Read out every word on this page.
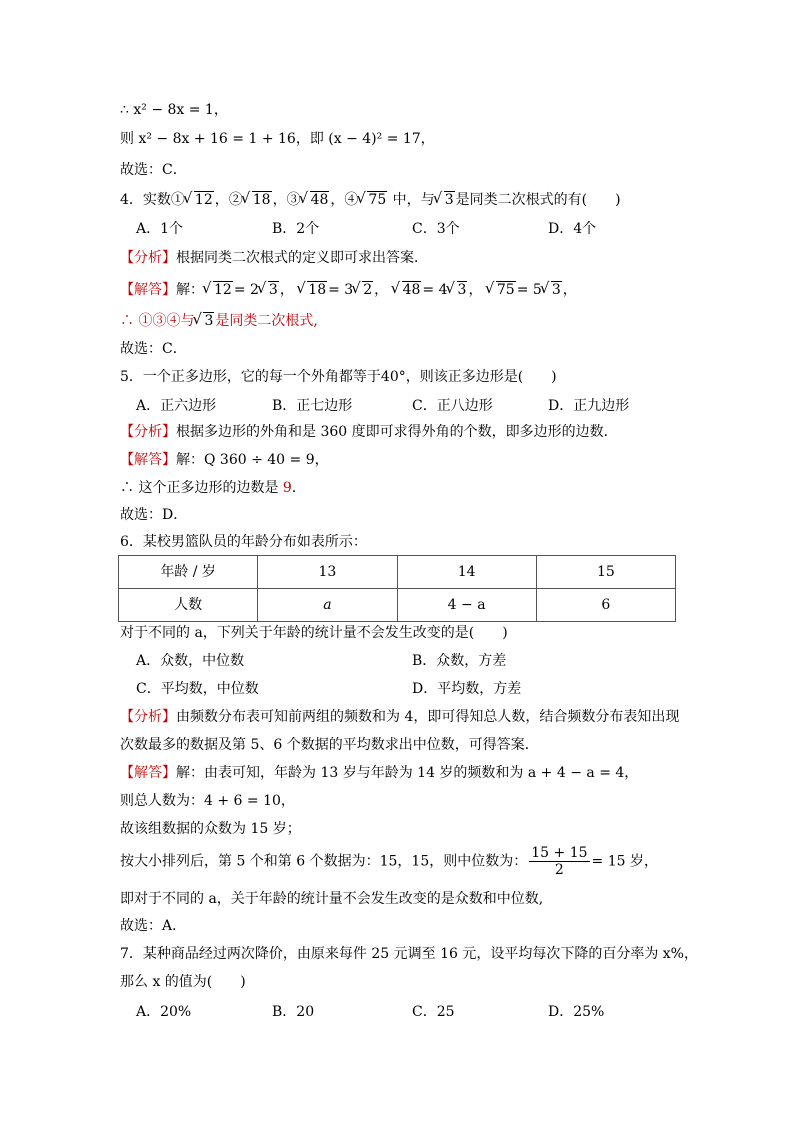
∴ x² − 8x = 1，
则 x² − 8x + 16 = 1 + 16，即 (x − 4)² = 17，
故选：C．
4．实数① √ 12 ，② √ 18 ，③ √ 48 ，④ √ 75 中，与 √ 3 是同类二次根式的有(　　)
A．1个	B．2个	C．3个	D．4个
【分析】根据同类二次根式的定义即可求出答案．
【解答】解： √ 12 = 2 √ 3 ， √ 18 = 3 √ 2 ， √ 48 = 4 √ 3 ， √ 75 = 5 √ 3 ，
∴ ①③④与 √ 3 是同类二次根式,
故选：C．
5．一个正多边形，它的每一个外角都等于40°，则该正多边形是(　　)
A．正六边形	B．正七边形	C．正八边形	D．正九边形
【分析】根据多边形的外角和是 360 度即可求得外角的个数，即多边形的边数．
【解答】解：Q 360 ÷ 40 = 9，
∴ 这个正多边形的边数是 9．
故选：D．
6．某校男篮队员的年龄分布如表所示：
年龄 / 岁	13	14	15
人数	a	4 − a	6
对于不同的 a，下列关于年龄的统计量不会发生改变的是(　　)
A．众数，中位数	B．众数，方差
C．平均数，中位数	D．平均数，方差
【分析】由频数分布表可知前两组的频数和为 4，即可得知总人数，结合频数分布表知出现
次数最多的数据及第 5、6 个数据的平均数求出中位数，可得答案．
【解答】解：由表可知，年龄为 13 岁与年龄为 14 岁的频数和为 a + 4 − a = 4，
则总人数为：4 + 6 = 10，
故该组数据的众数为 15 岁；
按大小排列后，第 5 个和第 6 个数据为：15，15，则中位数为： $\frac{15 + 15}{2} = 15$ 岁，
即对于不同的 a，关于年龄的统计量不会发生改变的是众数和中位数,
故选：A．
7．某种商品经过两次降价，由原来每件 25 元调至 16 元，设平均每次下降的百分率为 x%，
那么 x 的值为(　　)
A．20%	B．20	C．25	D．25%
